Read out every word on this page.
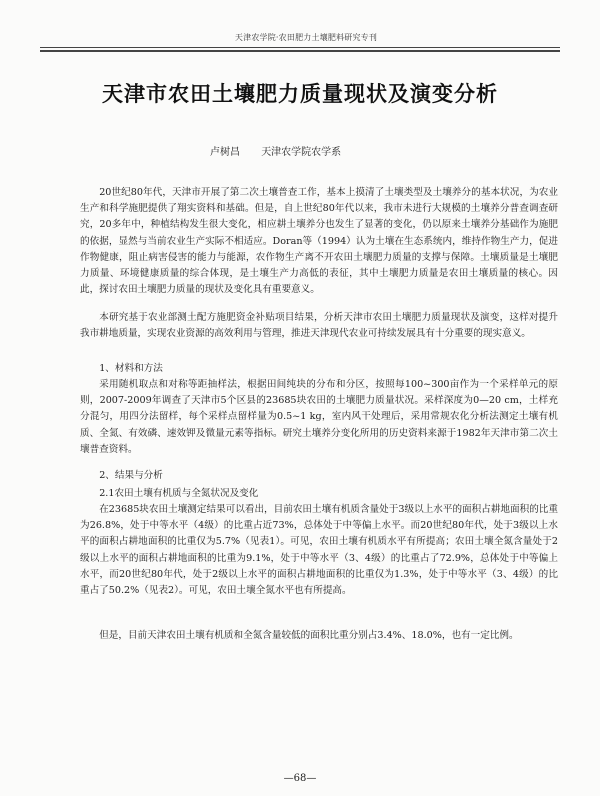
天津农学院·农田肥力土壤肥料研究专刊
天津市农田土壤肥力质量现状及演变分析
卢树昌 天津农学院农学系
20世纪80年代，天津市开展了第二次土壤普查工作，基本上摸清了土壤类型及土壤养分的基本状况，为农业生产和科学施肥提供了翔实资料和基础。但是，自上世纪80年代以来，我市未进行大规模的土壤养分普查调查研究，20多年中，种植结构发生很大变化，相应耕土壤养分也发生了显著的变化，仍以原来土壤养分基础作为施肥的依据，显然与当前农业生产实际不相适应。Doran等（1994）认为土壤在生态系统内，维持作物生产力，促进作物健康，阻止病害侵害的能力与能源，农作物生产离不开农田土壤肥力质量的支撑与保障。土壤质量是土壤肥力质量、环境健康质量的综合体现，是土壤生产力高低的表征，其中土壤肥力质量是农田土壤质量的核心。因此，探讨农田土壤肥力质量的现状及变化具有重要意义。
本研究基于农业部测土配方施肥资金补贴项目结果，分析天津市农田土壤肥力质量现状及演变，这样对提升我市耕地质量，实现农业资源的高效利用与管理，推进天津现代农业可持续发展具有十分重要的现实意义。
1、材料和方法
采用随机取点和对称等距抽样法，根据田间纯块的分布和分区，按照每100~300亩作为一个采样单元的原则，2007-2009年调查了天津市5个区县的23685块农田的土壤肥力质量状况。采样深度为0—20 cm，土样充分混匀，用四分法留样，每个采样点留样量为0.5~1 kg，室内风干处理后，采用常规农化分析法测定土壤有机质、全氮、有效磷、速效钾及微量元素等指标。研究土壤养分变化所用的历史资料来源于1982年天津市第二次土壤普查资料。
2、结果与分析
2.1农田土壤有机质与全氮状况及变化
在23685块农田土壤测定结果可以看出，目前农田土壤有机质含量处于3级以上水平的面积占耕地面积的比重为26.8%，处于中等水平（4级）的比重占近73%，总体处于中等偏上水平。而20世纪80年代，处于3级以上水平的面积占耕地面积的比重仅为5.7%（见表1）。可见，农田土壤有机质水平有所提高；农田土壤全氮含量处于2级以上水平的面积占耕地面积的比重为9.1%，处于中等水平（3、4级）的比重占了72.9%，总体处于中等偏上水平，而20世纪80年代，处于2级以上水平的面积占耕地面积的比重仅为1.3%，处于中等水平（3、4级）的比重占了50.2%（见表2）。可见，农田土壤全氮水平也有所提高。
但是，目前天津农田土壤有机质和全氮含量较低的面积比重分别占3.4%、18.0%，也有一定比例。
—68—
